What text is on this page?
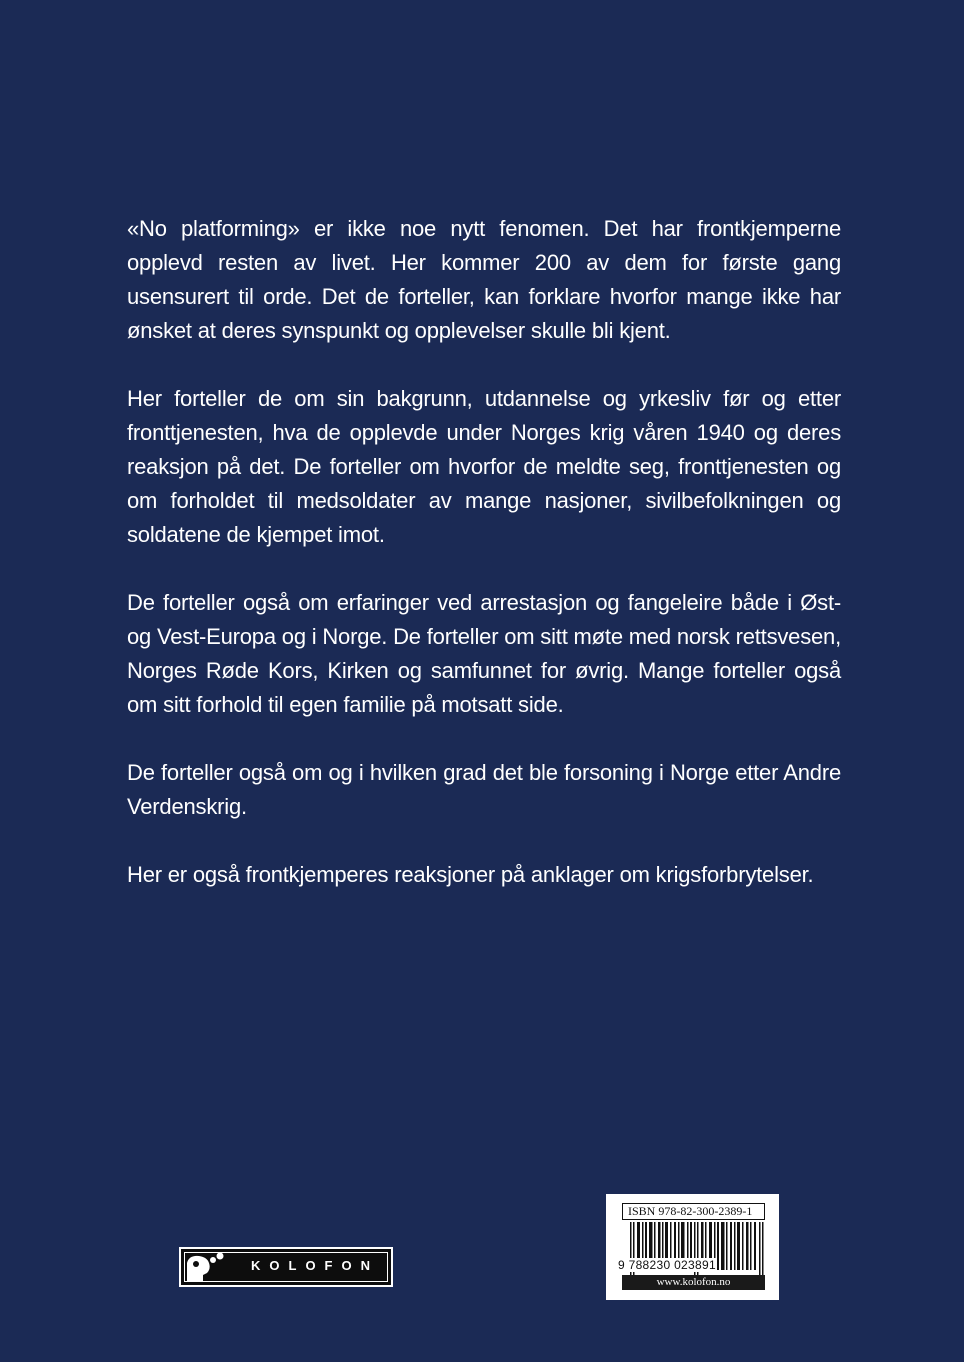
«No platforming» er ikke noe nytt fenomen. Det har frontkjemperne opplevd resten av livet. Her kommer 200 av dem for første gang usensurert til orde. Det de forteller, kan forklare hvorfor mange ikke har ønsket at deres synspunkt og opplevelser skulle bli kjent.

Her forteller de om sin bakgrunn, utdannelse og yrkesliv før og etter fronttjenesten, hva de opplevde under Norges krig våren 1940 og deres reaksjon på det. De forteller om hvorfor de meldte seg, fronttjenesten og om forholdet til medsoldater av mange nasjoner, sivilbefolkningen og soldatene de kjempet imot.

De forteller også om erfaringer ved arrestasjon og fangeleire både i Øst- og Vest-Europa og i Norge. De forteller om sitt møte med norsk rettsvesen, Norges Røde Kors, Kirken og samfunnet for øvrig. Mange forteller også om sitt forhold til egen familie på motsatt side.

De forteller også om og i hvilken grad det ble forsoning i Norge etter Andre Verdenskrig.

Her er også frontkjemperes reaksjoner på anklager om krigsforbrytelser.

KOLOFON
ISBN 978-82-300-2389-1
9 788230 023891
www.kolofon.no
